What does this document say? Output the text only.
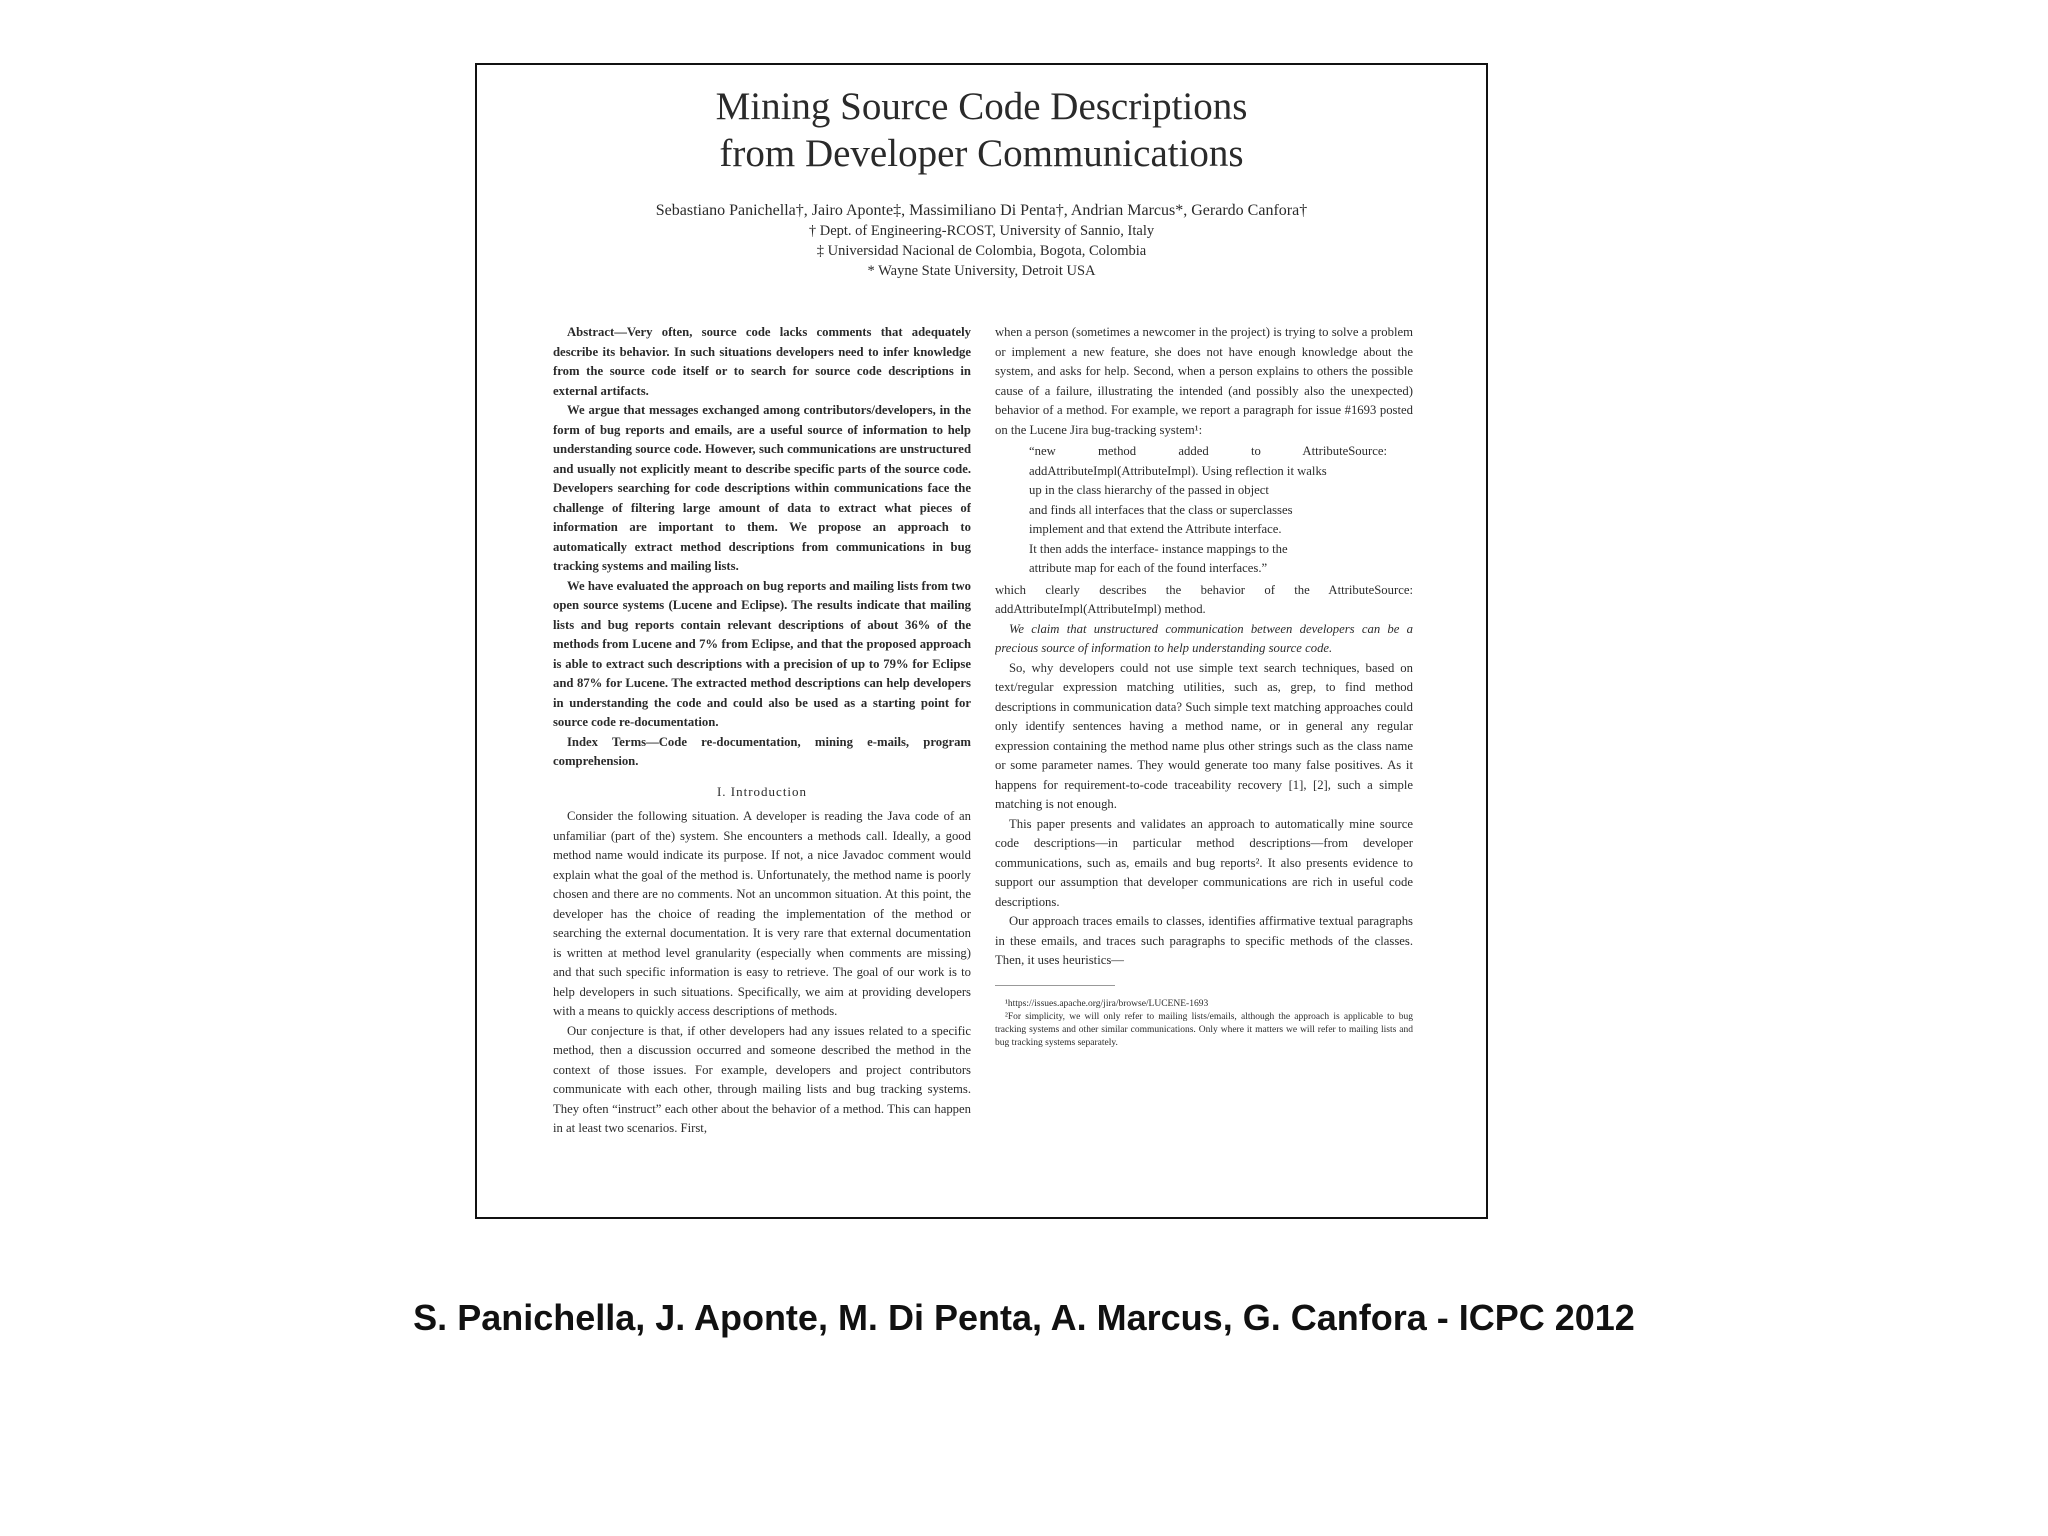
Mining Source Code Descriptions
from Developer Communications
Sebastiano Panichella†, Jairo Aponte‡, Massimiliano Di Penta†, Andrian Marcus*, Gerardo Canfora†
† Dept. of Engineering-RCOST, University of Sannio, Italy
‡ Universidad Nacional de Colombia, Bogota, Colombia
* Wayne State University, Detroit USA

Abstract—Very often, source code lacks comments that adequately describe its behavior. In such situations developers need to infer knowledge from the source code itself or to search for source code descriptions in external artifacts.

We argue that messages exchanged among contributors/developers, in the form of bug reports and emails, are a useful source of information to help understanding source code. However, such communications are unstructured and usually not explicitly meant to describe specific parts of the source code. Developers searching for code descriptions within communications face the challenge of filtering large amount of data to extract what pieces of information are important to them. We propose an approach to automatically extract method descriptions from communications in bug tracking systems and mailing lists.

We have evaluated the approach on bug reports and mailing lists from two open source systems (Lucene and Eclipse). The results indicate that mailing lists and bug reports contain relevant descriptions of about 36% of the methods from Lucene and 7% from Eclipse, and that the proposed approach is able to extract such descriptions with a precision of up to 79% for Eclipse and 87% for Lucene. The extracted method descriptions can help developers in understanding the code and could also be used as a starting point for source code re-documentation.

Index Terms—Code re-documentation, mining e-mails, program comprehension.

I. Introduction

Consider the following situation. A developer is reading the Java code of an unfamiliar (part of the) system. She encounters a methods call. Ideally, a good method name would indicate its purpose. If not, a nice Javadoc comment would explain what the goal of the method is. Unfortunately, the method name is poorly chosen and there are no comments. Not an uncommon situation. At this point, the developer has the choice of reading the implementation of the method or searching the external documentation. It is very rare that external documentation is written at method level granularity (especially when comments are missing) and that such specific information is easy to retrieve. The goal of our work is to help developers in such situations. Specifically, we aim at providing developers with a means to quickly access descriptions of methods.

Our conjecture is that, if other developers had any issues related to a specific method, then a discussion occurred and someone described the method in the context of those issues. For example, developers and project contributors communicate with each other, through mailing lists and bug tracking systems. They often “instruct” each other about the behavior of a method. This can happen in at least two scenarios. First,

when a person (sometimes a newcomer in the project) is trying to solve a problem or implement a new feature, she does not have enough knowledge about the system, and asks for help. Second, when a person explains to others the possible cause of a failure, illustrating the intended (and possibly also the unexpected) behavior of a method. For example, we report a paragraph for issue #1693 posted on the Lucene Jira bug-tracking system¹:

“new method added to AttributeSource: addAttributeImpl(AttributeImpl). Using reflection it walks
up in the class hierarchy of the passed in object
and finds all interfaces that the class or superclasses
implement and that extend the Attribute interface.
It then adds the interface- instance mappings to the
attribute map for each of the found interfaces.”

which clearly describes the behavior of the AttributeSource: addAttributeImpl(AttributeImpl) method.

We claim that unstructured communication between developers can be a precious source of information to help understanding source code.

So, why developers could not use simple text search techniques, based on text/regular expression matching utilities, such as, grep, to find method descriptions in communication data? Such simple text matching approaches could only identify sentences having a method name, or in general any regular expression containing the method name plus other strings such as the class name or some parameter names. They would generate too many false positives. As it happens for requirement-to-code traceability recovery [1], [2], such a simple matching is not enough.

This paper presents and validates an approach to automatically mine source code descriptions—in particular method descriptions—from developer communications, such as, emails and bug reports². It also presents evidence to support our assumption that developer communications are rich in useful code descriptions.

Our approach traces emails to classes, identifies affirmative textual paragraphs in these emails, and traces such paragraphs to specific methods of the classes. Then, it uses heuristics—

¹https://issues.apache.org/jira/browse/LUCENE-1693
²For simplicity, we will only refer to mailing lists/emails, although the approach is applicable to bug tracking systems and other similar communications. Only where it matters we will refer to mailing lists and bug tracking systems separately.

S. Panichella, J. Aponte, M. Di Penta, A. Marcus, G. Canfora - ICPC 2012
